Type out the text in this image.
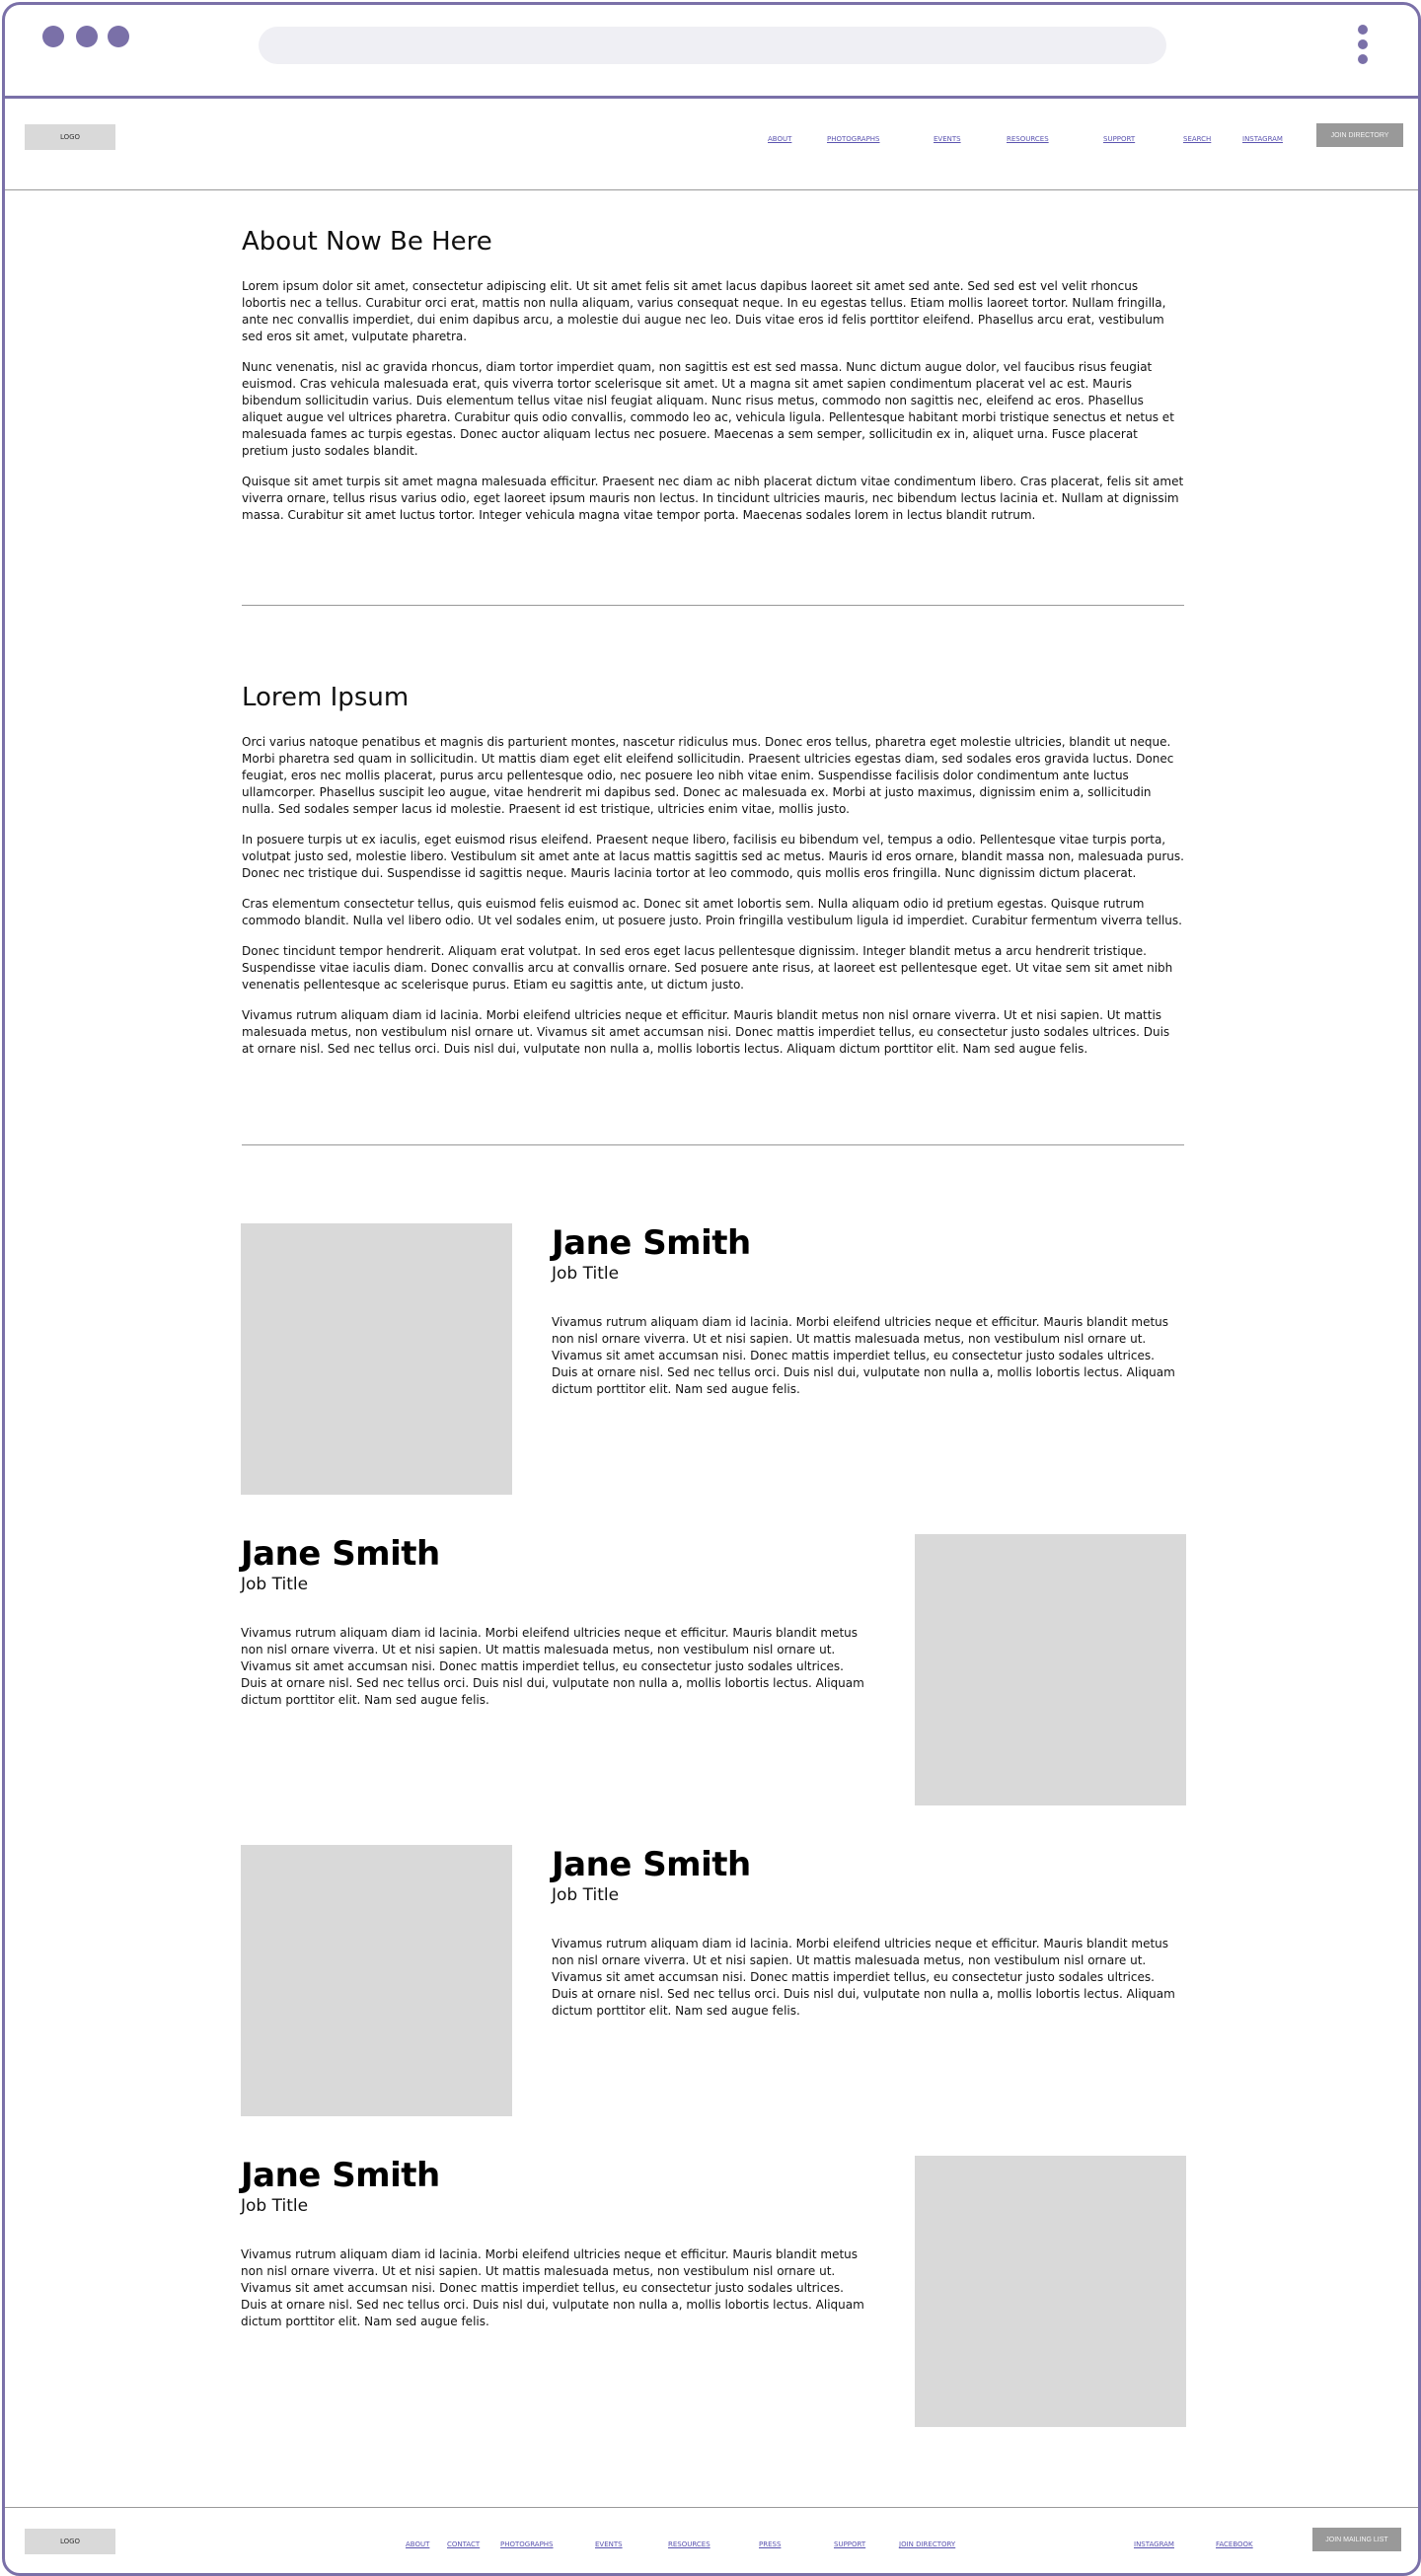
LOGO	ABOUT	PHOTOGRAPHS	EVENTS	RESOURCES	SUPPORT	SEARCH	INSTAGRAM	JOIN DIRECTORY
About Now Be Here

Lorem ipsum dolor sit amet, consectetur adipiscing elit. Ut sit amet felis sit amet lacus dapibus laoreet sit amet sed ante. Sed sed est vel velit rhoncus lobortis nec a tellus. Curabitur orci erat, mattis non nulla aliquam, varius consequat neque. In eu egestas tellus. Etiam mollis laoreet tortor. Nullam fringilla, ante nec convallis imperdiet, dui enim dapibus arcu, a molestie dui augue nec leo. Duis vitae eros id felis porttitor eleifend. Phasellus arcu erat, vestibulum sed eros sit amet, vulputate pharetra.

Nunc venenatis, nisl ac gravida rhoncus, diam tortor imperdiet quam, non sagittis est est sed massa. Nunc dictum augue dolor, vel faucibus risus feugiat euismod. Cras vehicula malesuada erat, quis viverra tortor scelerisque sit amet. Ut a magna sit amet sapien condimentum placerat vel ac est. Mauris bibendum sollicitudin varius. Duis elementum tellus vitae nisl feugiat aliquam. Nunc risus metus, commodo non sagittis nec, eleifend ac eros. Phasellus aliquet augue vel ultrices pharetra. Curabitur quis odio convallis, commodo leo ac, vehicula ligula. Pellentesque habitant morbi tristique senectus et netus et malesuada fames ac turpis egestas. Donec auctor aliquam lectus nec posuere. Maecenas a sem semper, sollicitudin ex in, aliquet urna. Fusce placerat pretium justo sodales blandit.

Quisque sit amet turpis sit amet magna malesuada efficitur. Praesent nec diam ac nibh placerat dictum vitae condimentum libero. Cras placerat, felis sit amet viverra ornare, tellus risus varius odio, eget laoreet ipsum mauris non lectus. In tincidunt ultricies mauris, nec bibendum lectus lacinia et. Nullam at dignissim massa. Curabitur sit amet luctus tortor. Integer vehicula magna vitae tempor porta. Maecenas sodales lorem in lectus blandit rutrum.

Lorem Ipsum

Orci varius natoque penatibus et magnis dis parturient montes, nascetur ridiculus mus. Donec eros tellus, pharetra eget molestie ultricies, blandit ut neque. Morbi pharetra sed quam in sollicitudin. Ut mattis diam eget elit eleifend sollicitudin. Praesent ultricies egestas diam, sed sodales eros gravida luctus. Donec feugiat, eros nec mollis placerat, purus arcu pellentesque odio, nec posuere leo nibh vitae enim. Suspendisse facilisis dolor condimentum ante luctus ullamcorper. Phasellus suscipit leo augue, vitae hendrerit mi dapibus sed. Donec ac malesuada ex. Morbi at justo maximus, dignissim enim a, sollicitudin nulla. Sed sodales semper lacus id molestie. Praesent id est tristique, ultricies enim vitae, mollis justo.

In posuere turpis ut ex iaculis, eget euismod risus eleifend. Praesent neque libero, facilisis eu bibendum vel, tempus a odio. Pellentesque vitae turpis porta, volutpat justo sed, molestie libero. Vestibulum sit amet ante at lacus mattis sagittis sed ac metus. Mauris id eros ornare, blandit massa non, malesuada purus. Donec nec tristique dui. Suspendisse id sagittis neque. Mauris lacinia tortor at leo commodo, quis mollis eros fringilla. Nunc dignissim dictum placerat.

Cras elementum consectetur tellus, quis euismod felis euismod ac. Donec sit amet lobortis sem. Nulla aliquam odio id pretium egestas. Quisque rutrum commodo blandit. Nulla vel libero odio. Ut vel sodales enim, ut posuere justo. Proin fringilla vestibulum ligula id imperdiet. Curabitur fermentum viverra tellus.

Donec tincidunt tempor hendrerit. Aliquam erat volutpat. In sed eros eget lacus pellentesque dignissim. Integer blandit metus a arcu hendrerit tristique. Suspendisse vitae iaculis diam. Donec convallis arcu at convallis ornare. Sed posuere ante risus, at laoreet est pellentesque eget. Ut vitae sem sit amet nibh venenatis pellentesque ac scelerisque purus. Etiam eu sagittis ante, ut dictum justo.

Vivamus rutrum aliquam diam id lacinia. Morbi eleifend ultricies neque et efficitur. Mauris blandit metus non nisl ornare viverra. Ut et nisi sapien. Ut mattis malesuada metus, non vestibulum nisl ornare ut. Vivamus sit amet accumsan nisi. Donec mattis imperdiet tellus, eu consectetur justo sodales ultrices. Duis at ornare nisl. Sed nec tellus orci. Duis nisl dui, vulputate non nulla a, mollis lobortis lectus. Aliquam dictum porttitor elit. Nam sed augue felis.

Jane Smith

Job Title

Vivamus rutrum aliquam diam id lacinia. Morbi eleifend ultricies neque et efficitur. Mauris blandit metus non nisl ornare viverra. Ut et nisi sapien. Ut mattis malesuada metus, non vestibulum nisl ornare ut. Vivamus sit amet accumsan nisi. Donec mattis imperdiet tellus, eu consectetur justo sodales ultrices. Duis at ornare nisl. Sed nec tellus orci. Duis nisl dui, vulputate non nulla a, mollis lobortis lectus. Aliquam dictum porttitor elit. Nam sed augue felis.

Jane Smith

Job Title

Vivamus rutrum aliquam diam id lacinia. Morbi eleifend ultricies neque et efficitur. Mauris blandit metus non nisl ornare viverra. Ut et nisi sapien. Ut mattis malesuada metus, non vestibulum nisl ornare ut. Vivamus sit amet accumsan nisi. Donec mattis imperdiet tellus, eu consectetur justo sodales ultrices. Duis at ornare nisl. Sed nec tellus orci. Duis nisl dui, vulputate non nulla a, mollis lobortis lectus. Aliquam dictum porttitor elit. Nam sed augue felis.

Jane Smith

Job Title

Vivamus rutrum aliquam diam id lacinia. Morbi eleifend ultricies neque et efficitur. Mauris blandit metus non nisl ornare viverra. Ut et nisi sapien. Ut mattis malesuada metus, non vestibulum nisl ornare ut. Vivamus sit amet accumsan nisi. Donec mattis imperdiet tellus, eu consectetur justo sodales ultrices. Duis at ornare nisl. Sed nec tellus orci. Duis nisl dui, vulputate non nulla a, mollis lobortis lectus. Aliquam dictum porttitor elit. Nam sed augue felis.

Jane Smith

Job Title

Vivamus rutrum aliquam diam id lacinia. Morbi eleifend ultricies neque et efficitur. Mauris blandit metus non nisl ornare viverra. Ut et nisi sapien. Ut mattis malesuada metus, non vestibulum nisl ornare ut. Vivamus sit amet accumsan nisi. Donec mattis imperdiet tellus, eu consectetur justo sodales ultrices. Duis at ornare nisl. Sed nec tellus orci. Duis nisl dui, vulputate non nulla a, mollis lobortis lectus. Aliquam dictum porttitor elit. Nam sed augue felis.

LOGO	ABOUT	CONTACT	PHOTOGRAPHS	EVENTS	RESOURCES	PRESS	SUPPORT	JOIN DIRECTORY	INSTAGRAM	FACEBOOK
JOIN MAILING LIST
